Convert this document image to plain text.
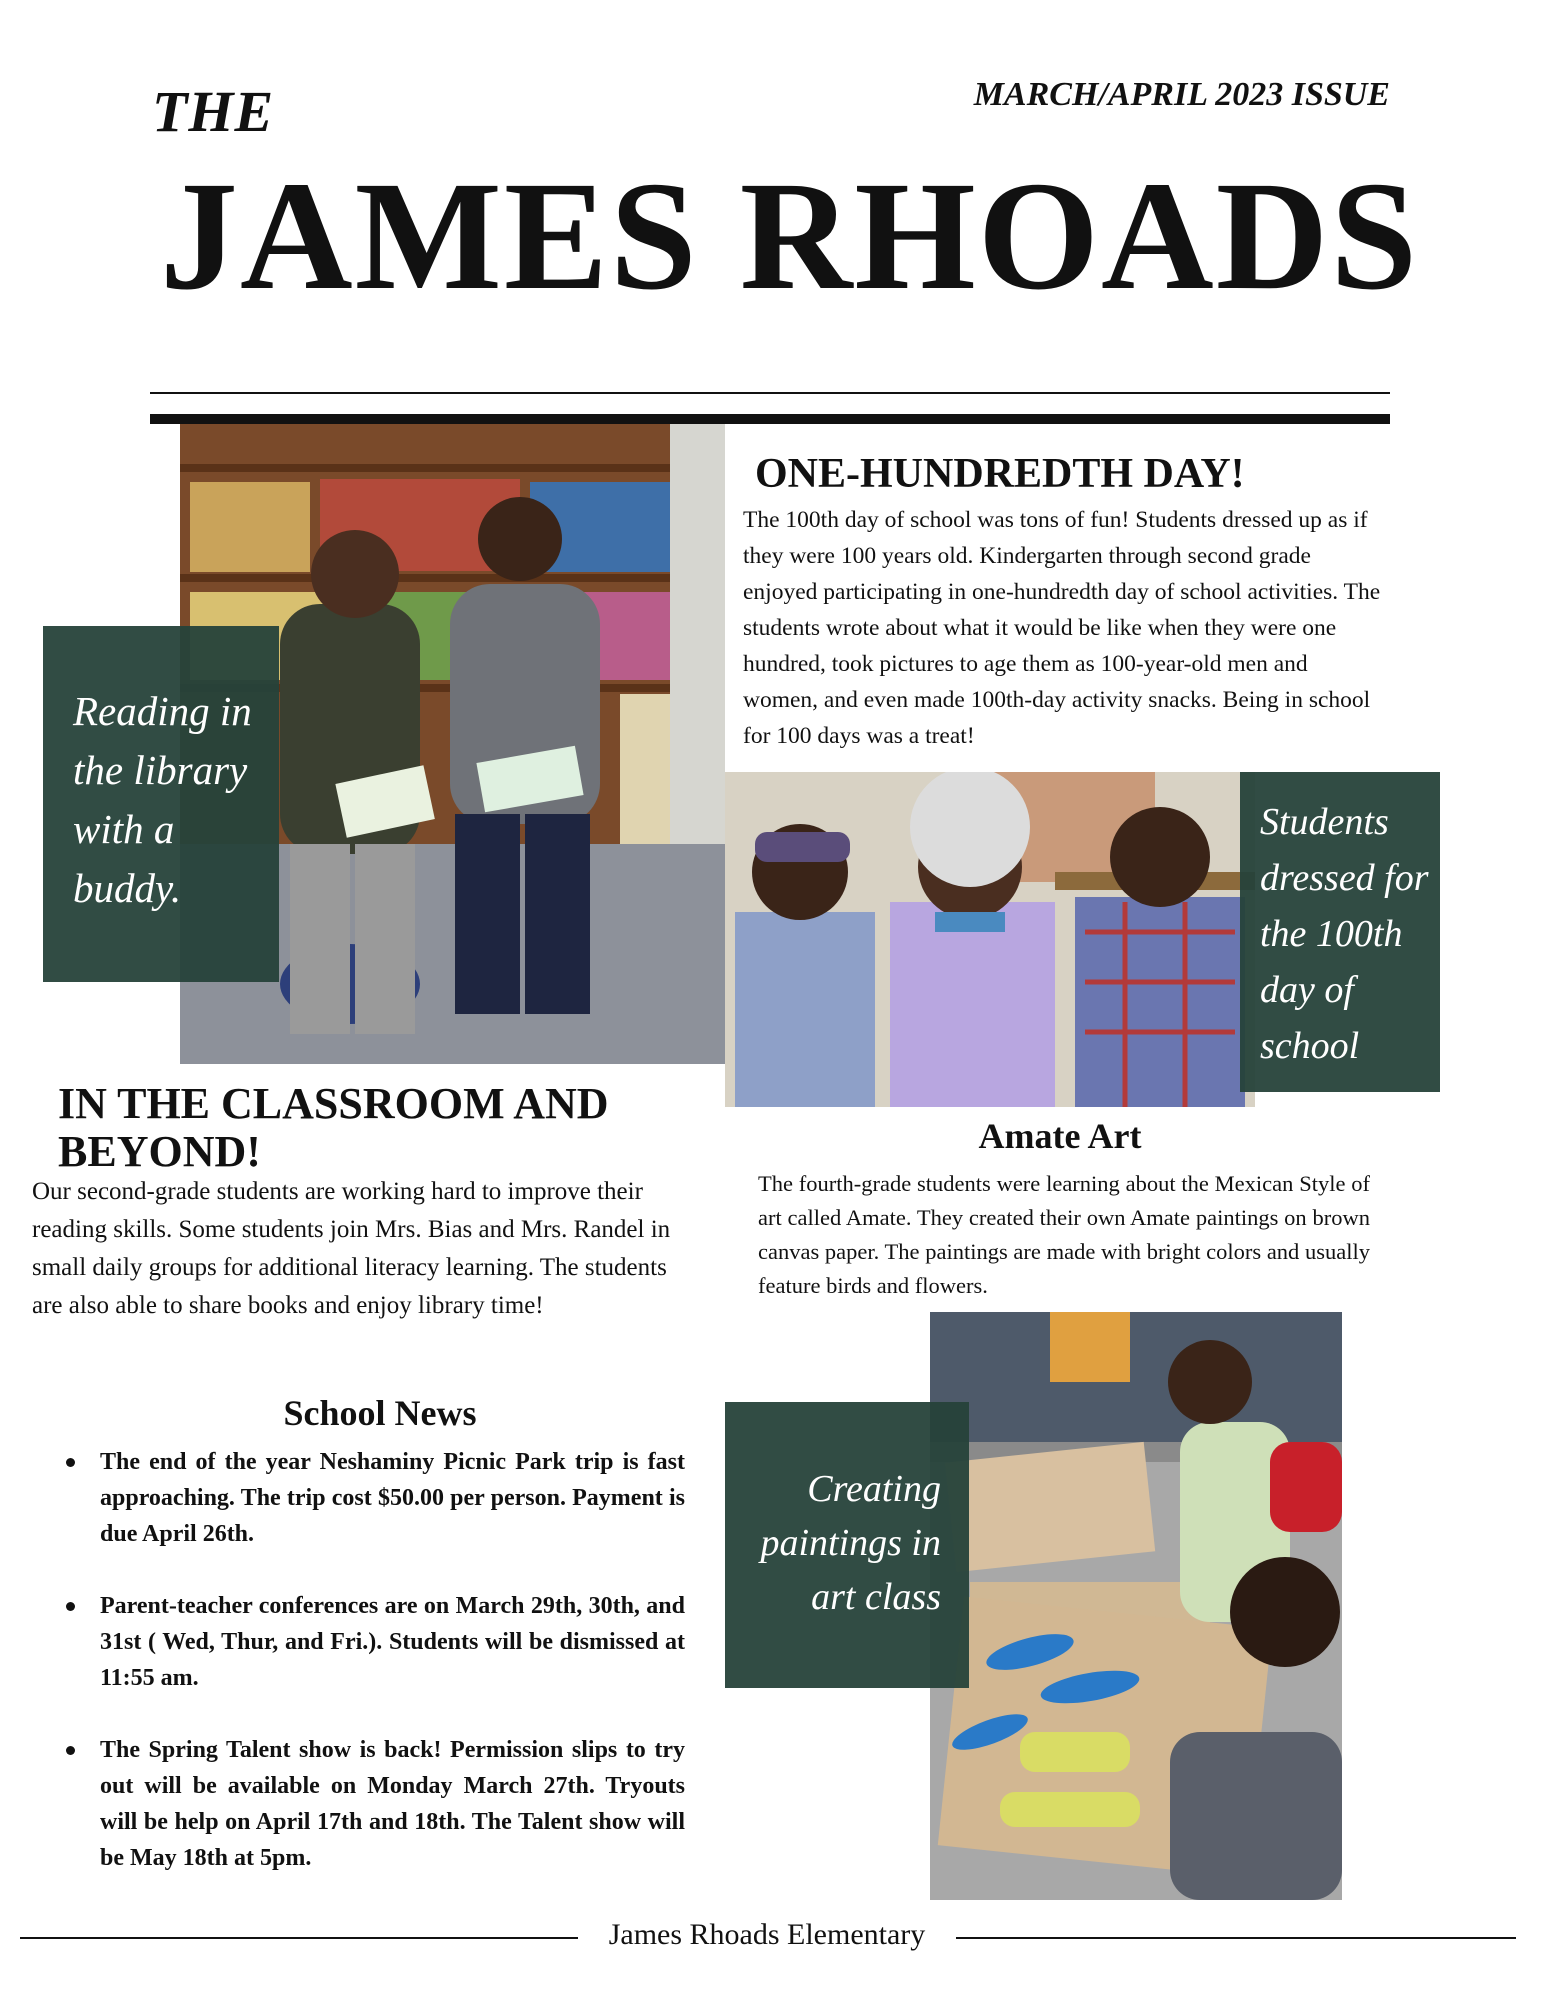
THE	MARCH/APRIL 2023 ISSUE
JAMES RHOADS
Reading in the library with a buddy.
ONE-HUNDREDTH DAY!
The 100th day of school was tons of fun! Students dressed up as if they were 100 years old. Kindergarten through second grade enjoyed participating in one-hundredth day of school activities. The students wrote about what it would be like when they were one hundred, took pictures to age them as 100-year-old men and women, and even made 100th-day activity snacks. Being in school for 100 days was a treat!
Students dressed for the 100th day of school
IN THE CLASSROOM AND BEYOND!
Our second-grade students are working hard to improve their reading skills. Some students join Mrs. Bias and Mrs. Randel in small daily groups for additional literacy learning. The students are also able to share books and enjoy library time!
Amate Art
The fourth-grade students were learning about the Mexican Style of art called Amate. They created their own Amate paintings on brown canvas paper. The paintings are made with bright colors and usually feature birds and flowers.
Creating paintings in art class
School News
The end of the year Neshaminy Picnic Park trip is fast approaching. The trip cost $50.00 per person. Payment is due April 26th.
Parent-teacher conferences are on March 29th, 30th, and 31st ( Wed, Thur, and Fri.). Students will be dismissed at 11:55 am.
The Spring Talent show is back! Permission slips to try out will be available on Monday March 27th. Tryouts will be help on April 17th and 18th. The Talent show will be May 18th at 5pm.
James Rhoads Elementary
